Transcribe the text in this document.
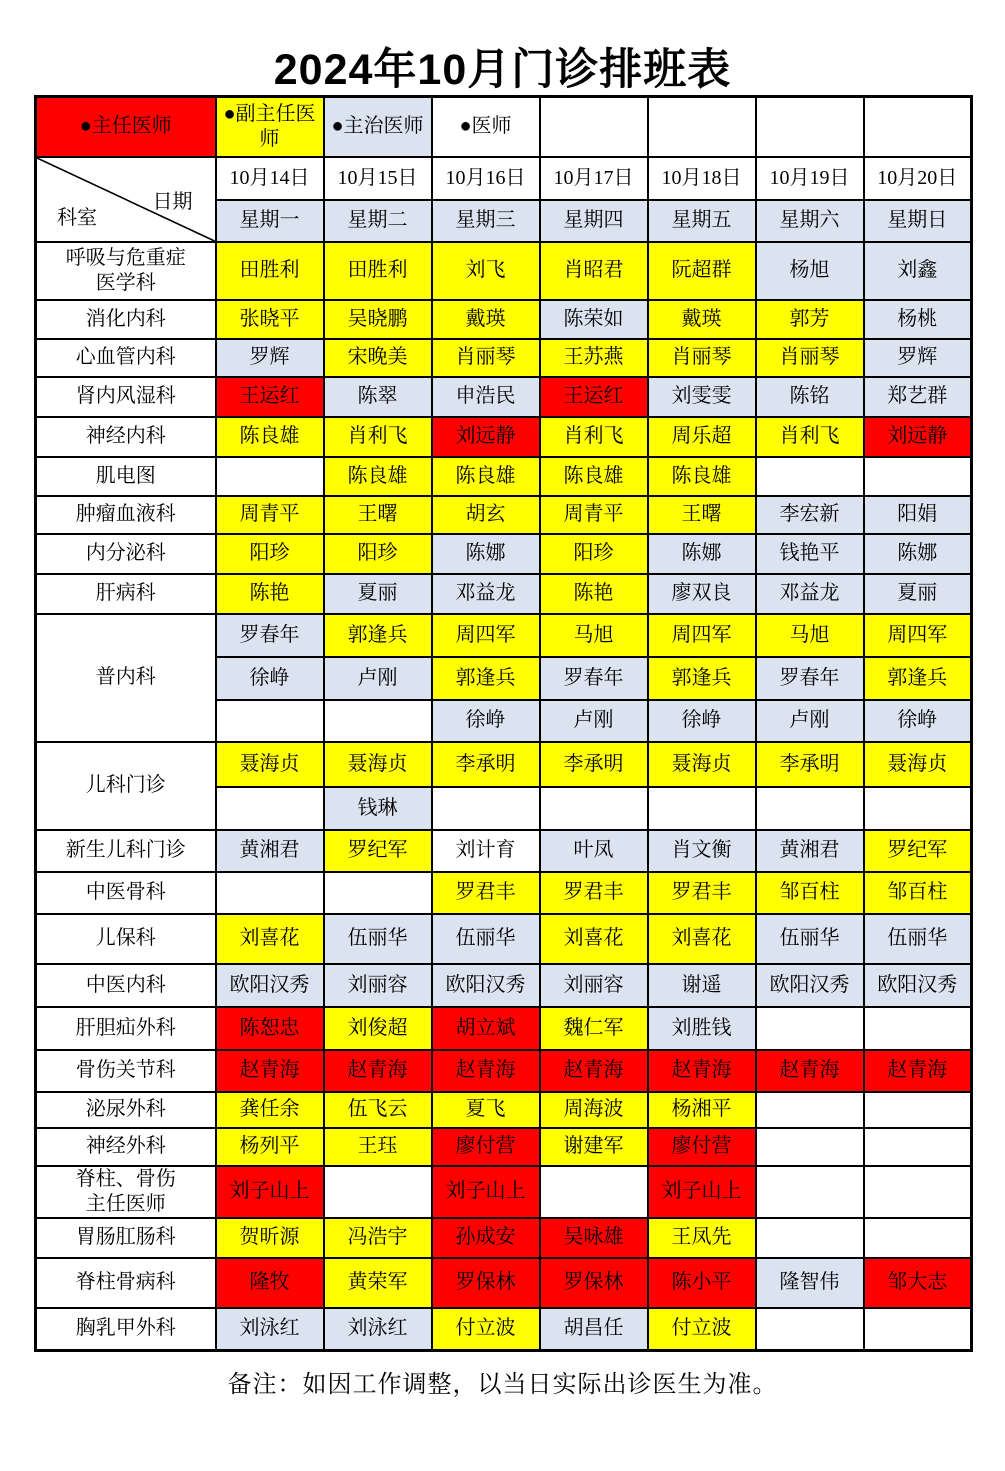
2024年10月门诊排班表
●主任医师	●副主任医师	●主治医师	●医师				

科室
日期	10月14日	10月15日	10月16日	10月17日	10月18日	10月19日	10月20日
	星期一	星期二	星期三	星期四	星期五	星期六	星期日

呼吸与危重症
医学科	田胜利	田胜利	刘飞	肖昭君	阮超群	杨旭	刘鑫

消化内科	张晓平	吴晓鹏	戴瑛	陈荣如	戴瑛	郭芳	杨桃

心血管内科	罗辉	宋晚美	肖丽琴	王苏燕	肖丽琴	肖丽琴	罗辉

肾内风湿科	王运红	陈翠	申浩民	王运红	刘雯雯	陈铭	郑艺群

神经内科	陈良雄	肖利飞	刘远静	肖利飞	周乐超	肖利飞	刘远静

肌电图		陈良雄	陈良雄	陈良雄	陈良雄		

肿瘤血液科	周青平	王曙	胡玄	周青平	王曙	李宏新	阳娟

内分泌科	阳珍	阳珍	陈娜	阳珍	陈娜	钱艳平	陈娜

肝病科	陈艳	夏丽	邓益龙	陈艳	廖双良	邓益龙	夏丽

普内科	罗春年	郭逢兵	周四军	马旭	周四军	马旭	周四军
	徐峥	卢刚	郭逢兵	罗春年	郭逢兵	罗春年	郭逢兵
			徐峥	卢刚	徐峥	卢刚	徐峥

儿科门诊	聂海贞	聂海贞	李承明	李承明	聂海贞	李承明	聂海贞
		钱琳					

新生儿科门诊	黄湘君	罗纪军	刘计育	叶凤	肖文衡	黄湘君	罗纪军

中医骨科			罗君丰	罗君丰	罗君丰	邹百柱	邹百柱

儿保科	刘喜花	伍丽华	伍丽华	刘喜花	刘喜花	伍丽华	伍丽华

中医内科	欧阳汉秀	刘丽容	欧阳汉秀	刘丽容	谢遥	欧阳汉秀	欧阳汉秀

肝胆疝外科	陈恕忠	刘俊超	胡立斌	魏仁军	刘胜钱		

骨伤关节科	赵青海	赵青海	赵青海	赵青海	赵青海	赵青海	赵青海

泌尿外科	龚任余	伍飞云	夏飞	周海波	杨湘平		

神经外科	杨列平	王珏	廖付营	谢建军	廖付营		

脊柱、骨伤
主任医师	刘子山上		刘子山上		刘子山上		

胃肠肛肠科	贺昕源	冯浩宇	孙成安	吴咏雄	王凤先		

脊柱骨病科	隆牧	黄荣军	罗保林	罗保林	陈小平	隆智伟	邹大志

胸乳甲外科	刘泳红	刘泳红	付立波	胡昌任	付立波		
备注：如因工作调整，以当日实际出诊医生为准。
